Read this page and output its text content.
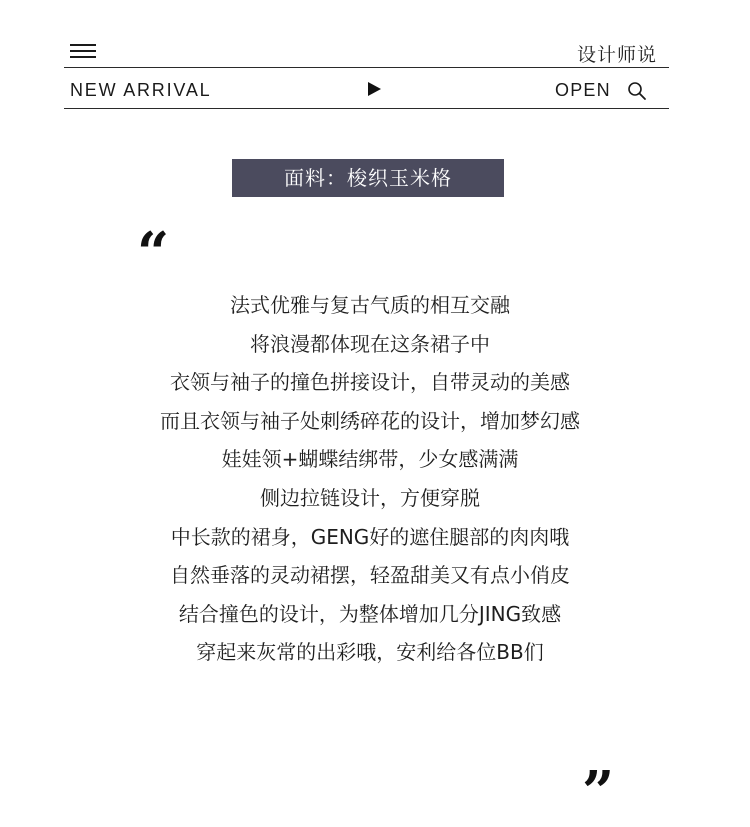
设计师说
NEW ARRIVAL	OPEN
面料：梭织玉米格
“
法式优雅与复古气质的相互交融
将浪漫都体现在这条裙子中
衣领与袖子的撞色拼接设计，自带灵动的美感
而且衣领与袖子处刺绣碎花的设计，增加梦幻感
娃娃领+蝴蝶结绑带，少女感满满
侧边拉链设计，方便穿脱
中长款的裙身，GENG好的遮住腿部的肉肉哦
自然垂落的灵动裙摆，轻盈甜美又有点小俏皮
结合撞色的设计，为整体增加几分JING致感
穿起来灰常的出彩哦，安利给各位BB们
”
